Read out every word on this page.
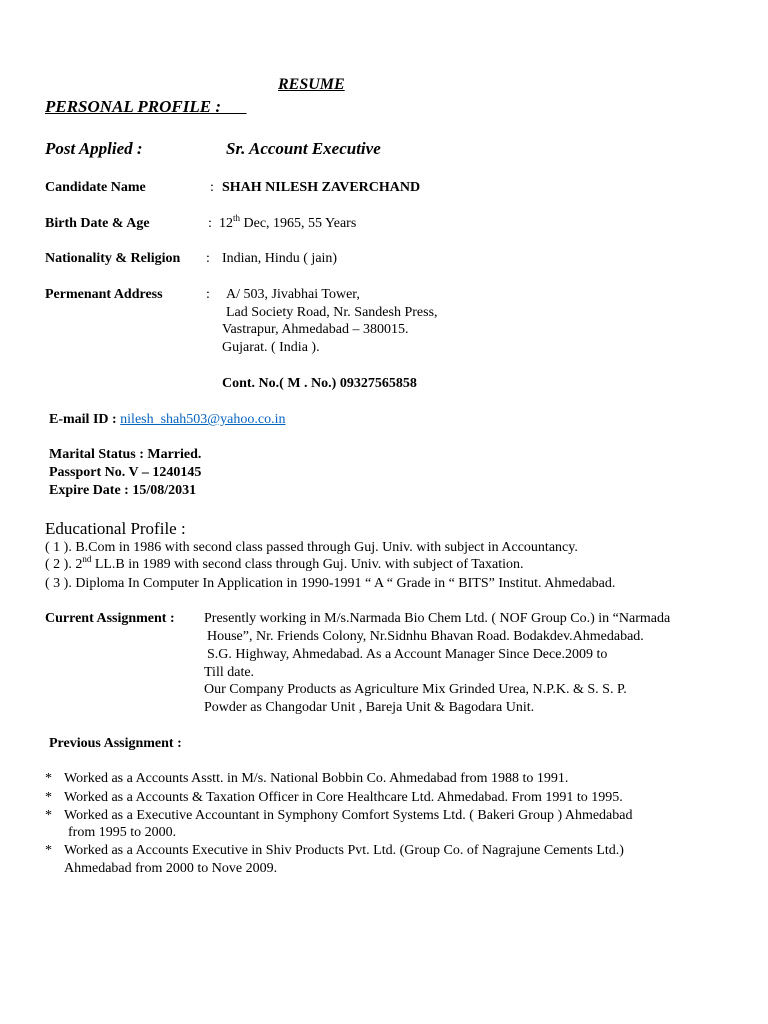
RESUME
PERSONAL PROFILE :
Post Applied :	Sr. Account Executive
Candidate Name	: SHAH NILESH ZAVERCHAND
Birth Date & Age	: 12th Dec, 1965, 55 Years
Nationality & Religion : Indian, Hindu ( jain)
Permenant Address	: A/ 503, Jivabhai Tower,
Lad Society Road, Nr. Sandesh Press,
Vastrapur, Ahmedabad – 380015.
Gujarat. ( India ).
Cont. No.( M . No.) 09327565858
E-mail ID : nilesh_shah503@yahoo.co.in
Marital Status : Married.
Passport No. V – 1240145
Expire Date : 15/08/2031
Educational Profile :
( 1 ). B.Com in 1986 with second class passed through Guj. Univ. with subject in Accountancy.
( 2 ). 2nd LL.B in 1989 with second class through Guj. Univ. with subject of Taxation.
( 3 ). Diploma In Computer In Application in 1990-1991 “ A “ Grade in “ BITS” Institut. Ahmedabad.
Current Assignment : Presently working in M/s.Narmada Bio Chem Ltd. ( NOF Group Co.) in “Narmada
House”, Nr. Friends Colony, Nr.Sidnhu Bhavan Road. Bodakdev.Ahmedabad.
S.G. Highway, Ahmedabad. As a Account Manager Since Dece.2009 to
Till date.
Our Company Products as Agriculture Mix Grinded Urea, N.P.K. & S. S. P.
Powder as Changodar Unit , Bareja Unit & Bagodara Unit.
Previous Assignment :
* Worked as a Accounts Asstt. in M/s. National Bobbin Co. Ahmedabad from 1988 to 1991.
* Worked as a Accounts & Taxation Officer in Core Healthcare Ltd. Ahmedabad. From 1991 to 1995.
* Worked as a Executive Accountant in Symphony Comfort Systems Ltd. ( Bakeri Group ) Ahmedabad
from 1995 to 2000.
* Worked as a Accounts Executive in Shiv Products Pvt. Ltd. (Group Co. of Nagrajune Cements Ltd.)
Ahmedabad from 2000 to Nove 2009.
